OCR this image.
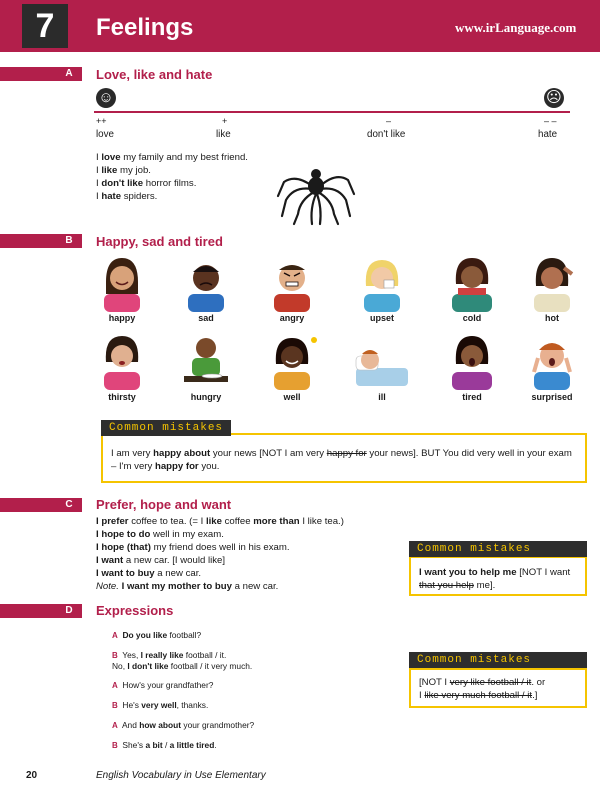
7	Feelings	www.irLanguage.com
A	Love, like and hate
☺	☹
++	+	–	– –
love	like	don't like	hate
I love my family and my best friend.
I like my job.
I don't like horror films.
I hate spiders.
B	Happy, sad and tired
happy	sad	angry	upset	cold	hot
thirsty	hungry	well	ill	tired	surprised
I am very happy about your news [NOT I am very happy for your news]. BUT You did very well in your exam – I'm very happy for you.
Common mistakes
C	Prefer, hope and want
I prefer coffee to tea. (= I like coffee more than I like tea.)
I hope to do well in my exam.
I hope (that) my friend does well in his exam.
I want a new car. [I would like]
I want to buy a new car.
Note. I want my mother to buy a new car.
I want you to help me [NOT I want that you help me].
Common mistakes
D	Expressions
A Do you like football?
B  Yes, I really like football / it.
No, I don't like football / it very much.
A  How's your grandfather?
B  He's very well, thanks.
A  And how about your grandmother?
B  She's a bit / a little tired.
[NOT I very like football / it. or
I like very much football / it.]
Common mistakes
20	English Vocabulary in Use Elementary
